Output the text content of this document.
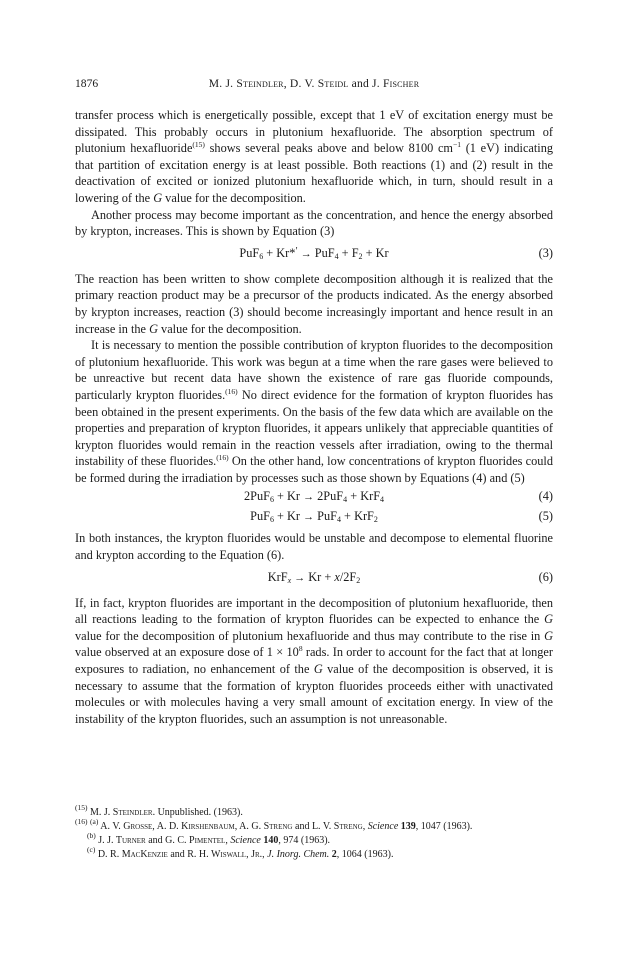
1876	M. J. Steindler, D. V. Steidl and J. Fischer

transfer process which is energetically possible, except that 1 eV of excitation energy must be dissipated. This probably occurs in plutonium hexafluoride. The absorption spectrum of plutonium hexafluoride$^{(15)}$ shows several peaks above and below 8100 $cm^{-1}$ (1 eV) indicating that partition of excitation energy is at least possible. Both reactions (1) and (2) result in the deactivation of excited or ionized plutonium hexafluoride which, in turn, should result in a lowering of the G value for the decomposition.

Another process may become important as the concentration, and hence the energy absorbed by krypton, increases. This is shown by Equation (3)

$PuF_6 + Kr*' \to PuF_4 + F_2 + Kr$	(3)

The reaction has been written to show complete decomposition although it is realized that the primary reaction product may be a precursor of the products indicated. As the energy absorbed by krypton increases, reaction (3) should become increasingly important and hence result in an increase in the G value for the decomposition.

It is necessary to mention the possible contribution of krypton fluorides to the decomposition of plutonium hexafluoride. This work was begun at a time when the rare gases were believed to be unreactive but recent data have shown the existence of rare gas fluoride compounds, particularly krypton fluorides.$^{(16)}$ No direct evidence for the formation of krypton fluorides has been obtained in the present experiments. On the basis of the few data which are available on the properties and preparation of krypton fluorides, it appears unlikely that appreciable quantities of krypton fluorides would remain in the reaction vessels after irradiation, owing to the thermal instability of these fluorides.$^{(16)}$ On the other hand, low concentrations of krypton fluorides could be formed during the irradiation by processes such as those shown by Equations (4) and (5)

2PuF$_6$ + Kr → 2PuF$_4$ + KrF$_4$	(4)
PuF$_6$ + Kr → PuF$_4$ + KrF$_2$	(5)

In both instances, the krypton fluorides would be unstable and decompose to elemental fluorine and krypton according to the Equation (6).

$KrF_x \to Kr + x/2F_2$	(6)

If, in fact, krypton fluorides are important in the decomposition of plutonium hexafluoride, then all reactions leading to the formation of krypton fluorides can be expected to enhance the G value for the decomposition of plutonium hexafluoride and thus may contribute to the rise in G value observed at an exposure dose of $1 \times 10^8$ rads. In order to account for the fact that at longer exposures to radiation, no enhancement of the G value of the decomposition is observed, it is necessary to assume that the formation of krypton fluorides proceeds either with unactivated molecules or with molecules having a very small amount of excitation energy. In view of the instability of the krypton fluorides, such an assumption is not unreasonable.

$^{(15)}$ M. J. Steindler. Unpublished. (1963).
$^{(16)}$ $^{(a)}$ A. V. Grosse, A. D. Kirshenbaum, A. G. Streng and L. V. Streng, Science 139, 1047 (1963).
$^{(b)}$ J. J. Turner and G. C. Pimentel, Science 140, 974 (1963).
$^{(c)}$ D. R. MacKenzie and R. H. Wiswall, Jr., J. Inorg. Chem. 2, 1064 (1963).
